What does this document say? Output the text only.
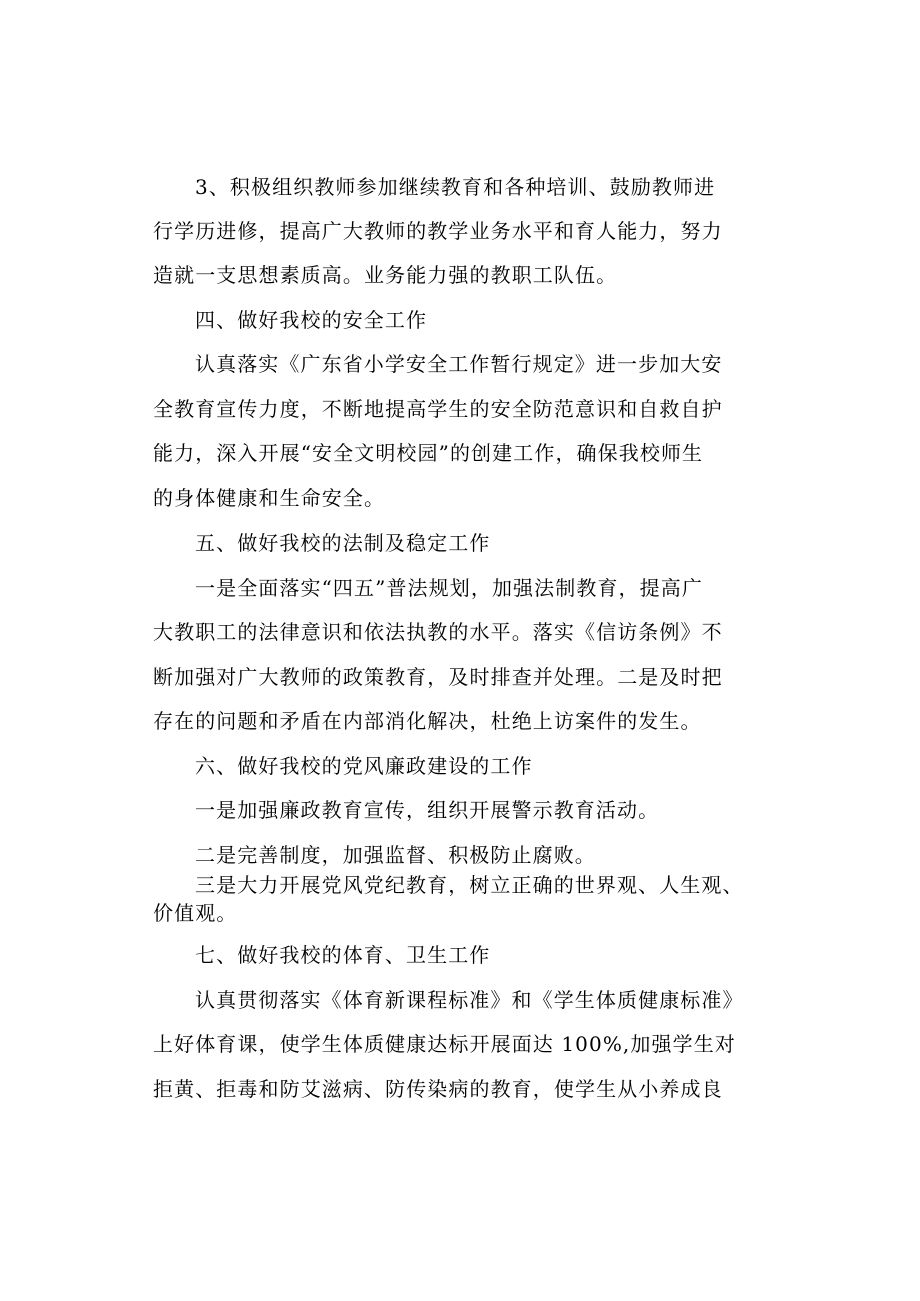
3、积极组织教师参加继续教育和各种培训、鼓励教师进
行学历进修，提高广大教师的教学业务水平和育人能力，努力
造就一支思想素质高。业务能力强的教职工队伍。
四、做好我校的安全工作
认真落实《广东省小学安全工作暂行规定》进一步加大安
全教育宣传力度，不断地提高学生的安全防范意识和自救自护
能力，深入开展“安全文明校园”的创建工作，确保我校师生
的身体健康和生命安全。
五、做好我校的法制及稳定工作
一是全面落实“四五”普法规划，加强法制教育，提高广
大教职工的法律意识和依法执教的水平。落实《信访条例》不
断加强对广大教师的政策教育，及时排查并处理。二是及时把
存在的问题和矛盾在内部消化解决，杜绝上访案件的发生。
六、做好我校的党风廉政建设的工作
一是加强廉政教育宣传，组织开展警示教育活动。
二是完善制度，加强监督、积极防止腐败。
三是大力开展党风党纪教育，树立正确的世界观、人生观、
价值观。
七、做好我校的体育、卫生工作
认真贯彻落实《体育新课程标准》和《学生体质健康标准》
上好体育课，使学生体质健康达标开展面达 100%,加强学生对
拒黄、拒毒和防艾滋病、防传染病的教育，使学生从小养成良
